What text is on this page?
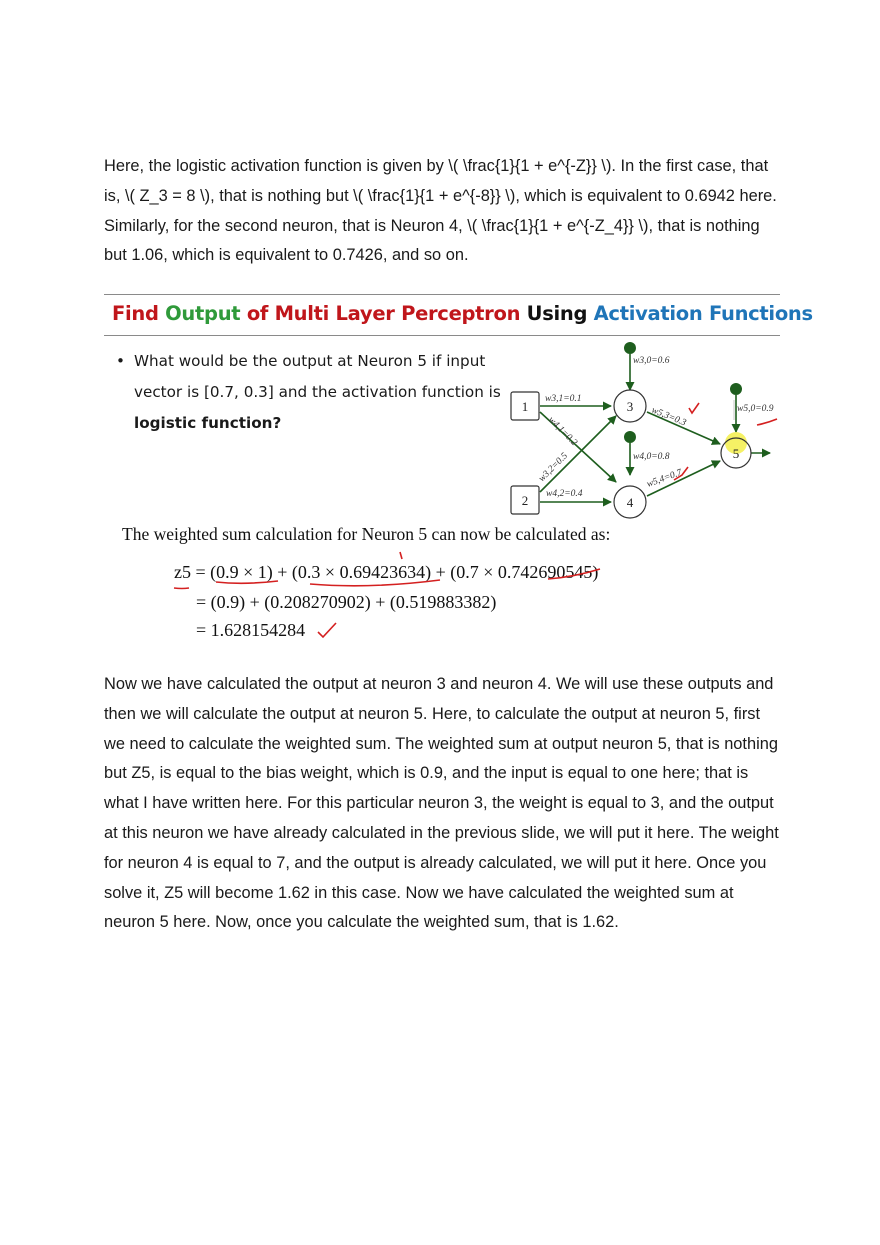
Here, the logistic activation function is given by \( \frac{1}{1 + e^{-Z}} \). In the first case, that is, \( Z_3 = 8 \), that is nothing but \( \frac{1}{1 + e^{-8}} \), which is equivalent to 0.6942 here. Similarly, for the second neuron, that is Neuron 4, \( \frac{1}{1 + e^{-Z_4}} \), that is nothing but 1.06, which is equivalent to 0.7426, and so on.

Find Output of Multi Layer Perceptron Using Activation Functions
• What would be the output at Neuron 5 if input
vector is [0.7, 0.3] and the activation function is
logistic function?
1
2
3
4
5
w3,0=0.6
w3,1=0.1
w4,1=0.2
w3,2=0.5
w4,2=0.4
w4,0=0.8
w5,3=0.3
w5,4=0.7
w5,0=0.9
The weighted sum calculation for Neuron 5 can now be calculated as:
z5 = (0.9 × 1) + (0.3 × 0.69423634) + (0.7 × 0.742690545)
= (0.9) + (0.208270902) + (0.519883382)
= 1.628154284

Now we have calculated the output at neuron 3 and neuron 4. We will use these outputs and then we will calculate the output at neuron 5. Here, to calculate the output at neuron 5, first we need to calculate the weighted sum. The weighted sum at output neuron 5, that is nothing but Z5, is equal to the bias weight, which is 0.9, and the input is equal to one here; that is what I have written here. For this particular neuron 3, the weight is equal to 3, and the output at this neuron we have already calculated in the previous slide, we will put it here. The weight for neuron 4 is equal to 7, and the output is already calculated, we will put it here. Once you solve it, Z5 will become 1.62 in this case. Now we have calculated the weighted sum at neuron 5 here. Now, once you calculate the weighted sum, that is 1.62.
